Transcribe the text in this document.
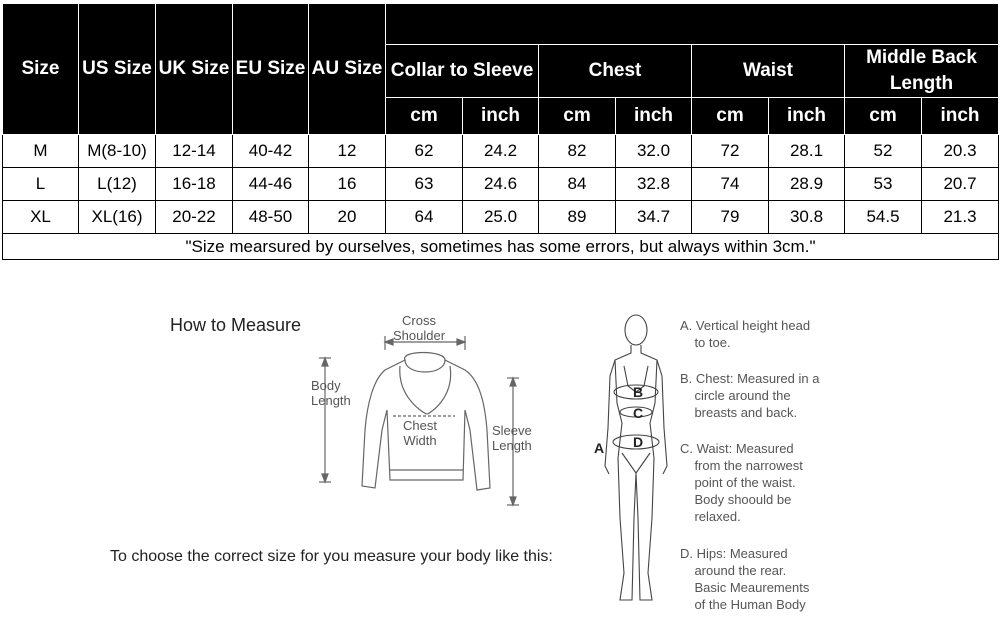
Size	US Size	UK Size	EU Size	AU Size								
					Collar to Sleeve		Chest		Waist		Middle Back Length	
					cm	inch	cm	inch	cm	inch	cm	inch
M	M(8-10)	12-14	40-42	12	62	24.2	82	32.0	72	28.1	52	20.3
L	L(12)	16-18	44-46	16	63	24.6	84	32.8	74	28.9	53	20.7
XL	XL(16)	20-22	48-50	20	64	25.0	89	34.7	79	30.8	54.5	21.3
"Size mearsured by ourselves, sometimes has some errors, but always within 3cm."												
How to Measure	Cross
Shoulder
Body
Length
Chest
Width
Sleeve
Length
To choose the correct size for you measure your body like this:
B
C
D
A
A. Vertical height head
to toe.
B. Chest: Measured in a
circle around the
breasts and back.
C. Waist: Measured
from the narrowest
point of the waist.
Body shoould be
relaxed.
D. Hips: Measured
around the rear.
Basic Meaurements
of the Human Body
